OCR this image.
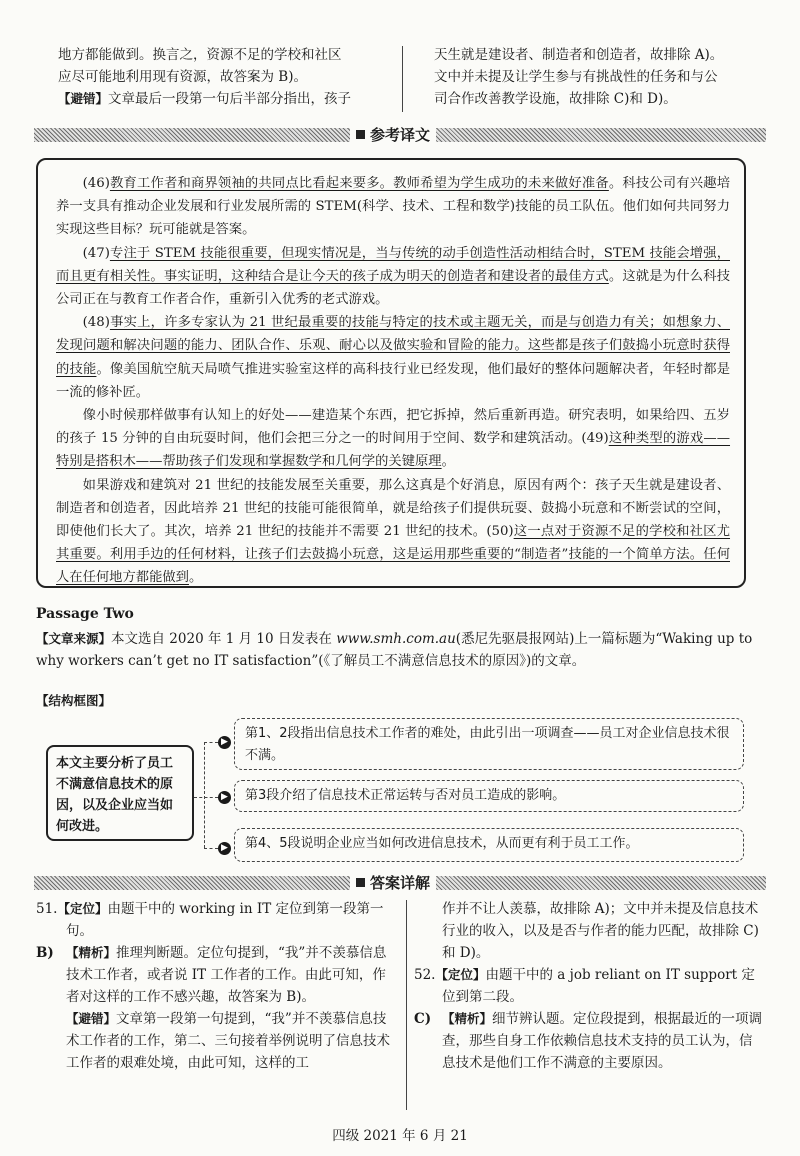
地方都能做到。换言之，资源不足的学校和社区

应尽可能地利用现有资源，故答案为 B)。

【避错】文章最后一段第一句后半部分指出，孩子

天生就是建设者、制造者和创造者，故排除 A)。

文中并未提及让学生参与有挑战性的任务和与公

司合作改善教学设施，故排除 C)和 D)。

参考译文

(46)教育工作者和商界领袖的共同点比看起来要多。教师希望为学生成功的未来做好准备。科技公司有兴趣培养一支具有推动企业发展和行业发展所需的 STEM(科学、技术、工程和数学)技能的员工队伍。他们如何共同努力实现这些目标？玩可能就是答案。

(47)专注于 STEM 技能很重要，但现实情况是，当与传统的动手创造性活动相结合时，STEM 技能会增强，而且更有相关性。事实证明，这种结合是让今天的孩子成为明天的创造者和建设者的最佳方式。这就是为什么科技公司正在与教育工作者合作，重新引入优秀的老式游戏。

(48)事实上，许多专家认为 21 世纪最重要的技能与特定的技术或主题无关，而是与创造力有关；如想象力、发现问题和解决问题的能力、团队合作、乐观、耐心以及做实验和冒险的能力。这些都是孩子们鼓捣小玩意时获得的技能。像美国航空航天局喷气推进实验室这样的高科技行业已经发现，他们最好的整体问题解决者，年轻时都是一流的修补匠。

像小时候那样做事有认知上的好处——建造某个东西，把它拆掉，然后重新再造。研究表明，如果给四、五岁的孩子 15 分钟的自由玩耍时间，他们会把三分之一的时间用于空间、数学和建筑活动。(49)这种类型的游戏——特别是搭积木——帮助孩子们发现和掌握数学和几何学的关键原理。

如果游戏和建筑对 21 世纪的技能发展至关重要，那么这真是个好消息，原因有两个：孩子天生就是建设者、制造者和创造者，因此培养 21 世纪的技能可能很简单，就是给孩子们提供玩耍、鼓捣小玩意和不断尝试的空间，即使他们长大了。其次，培养 21 世纪的技能并不需要 21 世纪的技术。(50)这一点对于资源不足的学校和社区尤其重要。利用手边的任何材料，让孩子们去鼓捣小玩意，这是运用那些重要的“制造者”技能的一个简单方法。任何人在任何地方都能做到。

Passage Two
【文章来源】本文选自 2020 年 1 月 10 日发表在 www.smh.com.au(悉尼先驱晨报网站)上一篇标题为“Waking up to why workers can’t get no IT satisfaction”(《了解员工不满意信息技术的原因》)的文章。
【结构框图】
本文主要分析了员工不满意信息技术的原因，以及企业应当如何改进。
▶
▶
▶
第1、2段指出信息技术工作者的难处，由此引出一项调查——员工对企业信息技术很不满。
第3段介绍了信息技术正常运转与否对员工造成的影响。
第4、5段说明企业应当如何改进信息技术，从而更有利于员工工作。
答案详解
51.【定位】由题干中的 working in IT 定位到第一段第一句。
B) 【精析】推理判断题。定位句提到，“我”并不羡慕信息技术工作者，或者说 IT 工作者的工作。由此可知，作者对这样的工作不感兴趣，故答案为 B)。
【避错】文章第一段第一句提到，“我”并不羡慕信息技术工作者的工作，第二、三句接着举例说明了信息技术工作者的艰难处境，由此可知，这样的工
作并不让人羡慕，故排除 A)；文中并未提及信息技术行业的收入，以及是否与作者的能力匹配，故排除 C)和 D)。
52.【定位】由题干中的 a job reliant on IT support 定位到第二段。
C) 【精析】细节辨认题。定位段提到，根据最近的一项调查，那些自身工作依赖信息技术支持的员工认为，信息技术是他们工作不满意的主要原因。
四级 2021 年 6 月 21
